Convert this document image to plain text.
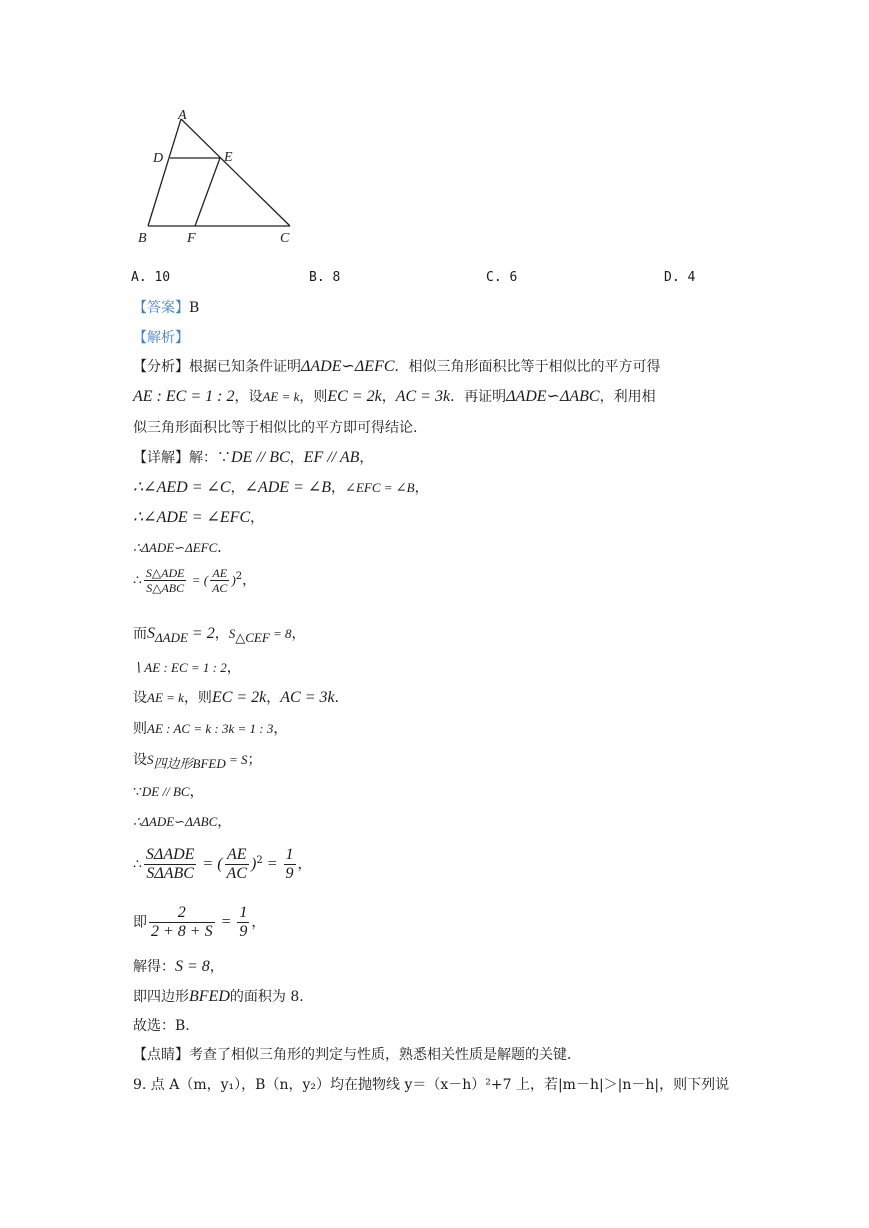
A
D	E
B	F	C
A. 10	B. 8	C. 6	D. 4
【答案】B
【解析】
【分析】根据已知条件证明ΔADE∽ΔEFC．相似三角形面积比等于相似比的平方可得
AE : EC = 1 : 2，设AE = k，则EC = 2k，AC = 3k．再证明ΔADE∽ΔABC，利用相
似三角形面积比等于相似比的平方即可得结论.
【详解】解：∵DE // BC，EF // AB，
∴∠AED = ∠C，∠ADE = ∠B，∠EFC = ∠B，
∴∠ADE = ∠EFC，
∴ΔADE∽ΔEFC．
∴ $\frac{\text{S△ADE}}{\text{S△ABC}}$ = ( $\frac{AE}{AC} )^2$，
而$S_{\Delta ADE} = 2$，$S_{\triangle CEF} = 8$，
∖ AE : EC = 1 : 2，
设AE = k，则EC = 2k，AC = 3k．
则AE : AC = k : 3k = 1 : 3，
设$S_{四边形BFED} = S$；
∵DE // BC，
∴ΔADE∽ΔABC，
∴ $\frac{\text{SΔADE}}{\text{SΔABC}}$ = ( $\frac{AE}{AC} )^2 = \frac{1}{9}$ ，
即 $\frac{2}{2 + 8 + S} = \frac{1}{9}$ ，
解得：S = 8，
即四边形BFED的面积为 8.
故选：B.
【点睛】考查了相似三角形的判定与性质，熟悉相关性质是解题的关键．
9. 点 A（m，y₁），B（n，y₂）均在抛物线 y＝（x－h）²+7 上，若|m－h|＞|n－h|，则下列说
